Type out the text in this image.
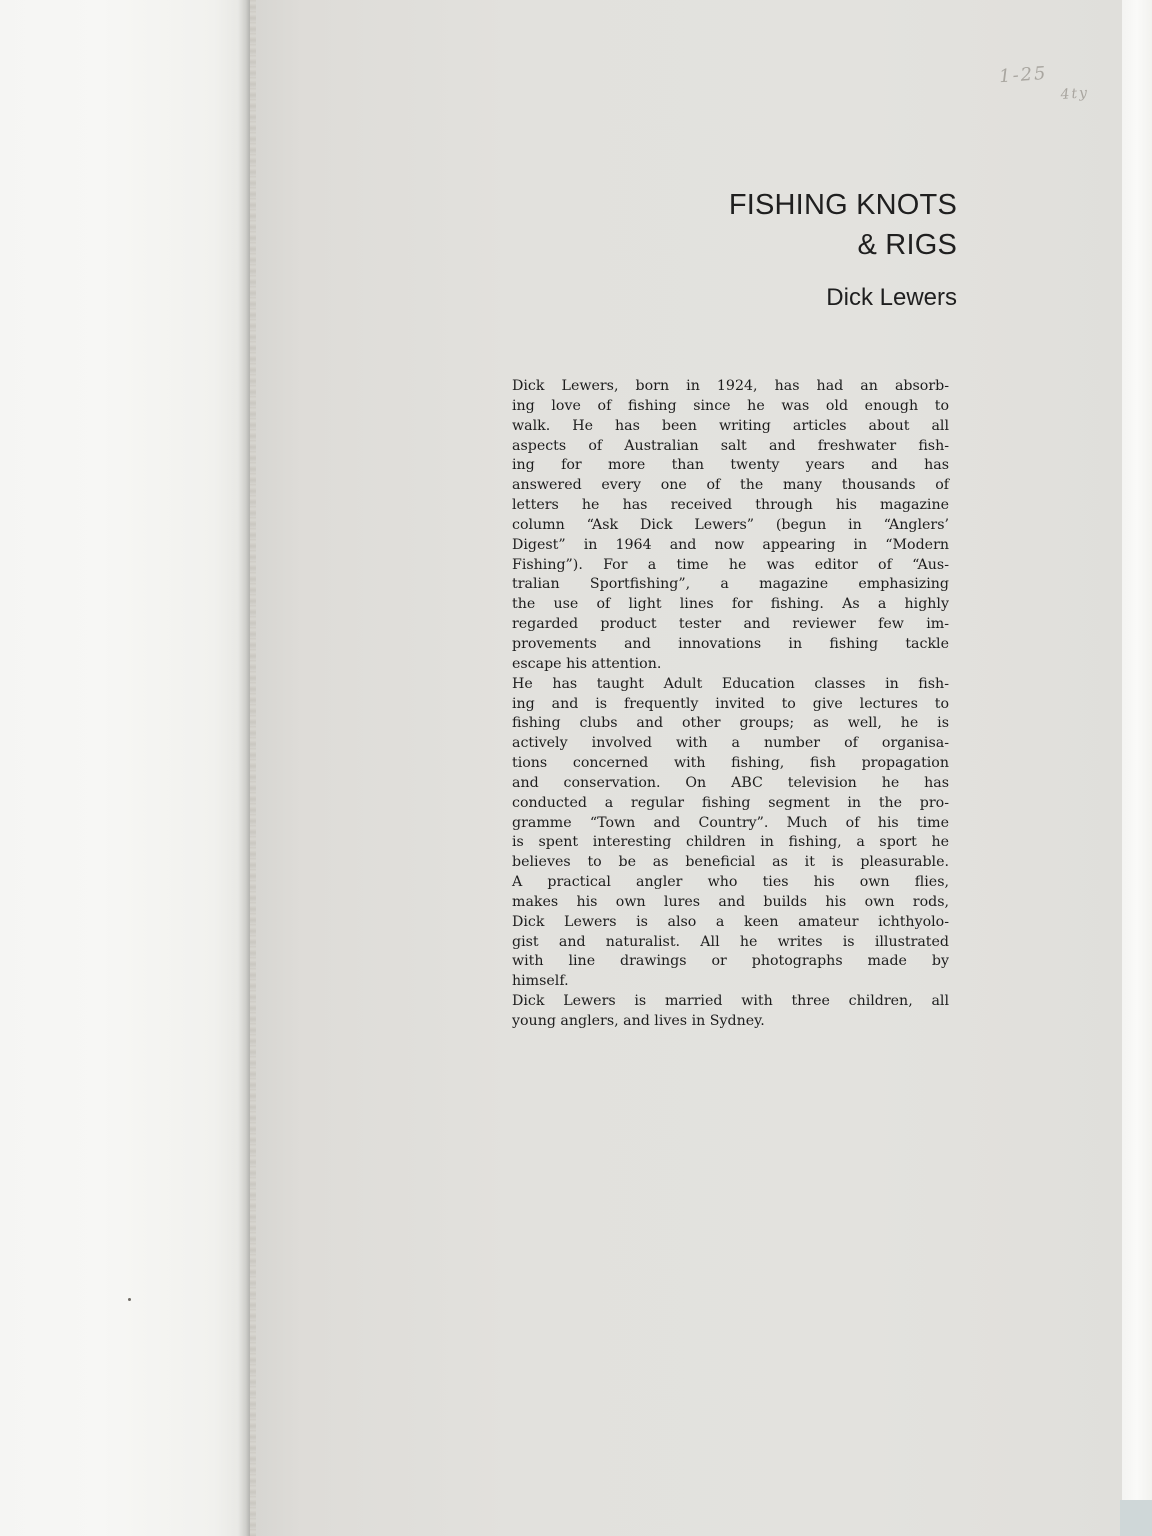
1-25
4ty
FISHING KNOTS
& RIGS
Dick Lewers
Dick Lewers, born in 1924, has had an absorb-
ing love of fishing since he was old enough to
walk. He has been writing articles about all
aspects of Australian salt and freshwater fish-
ing for more than twenty years and has
answered every one of the many thousands of
letters he has received through his magazine
column “Ask Dick Lewers” (begun in “Anglers’
Digest” in 1964 and now appearing in “Modern
Fishing”). For a time he was editor of “Aus-
tralian Sportfishing”, a magazine emphasizing
the use of light lines for fishing. As a highly
regarded product tester and reviewer few im-
provements and innovations in fishing tackle
escape his attention.
He has taught Adult Education classes in fish-
ing and is frequently invited to give lectures to
fishing clubs and other groups; as well, he is
actively involved with a number of organisa-
tions concerned with fishing, fish propagation
and conservation. On ABC television he has
conducted a regular fishing segment in the pro-
gramme “Town and Country”. Much of his time
is spent interesting children in fishing, a sport he
believes to be as beneficial as it is pleasurable.
A practical angler who ties his own flies,
makes his own lures and builds his own rods,
Dick Lewers is also a keen amateur ichthyolo-
gist and naturalist. All he writes is illustrated
with line drawings or photographs made by
himself.
Dick Lewers is married with three children, all
young anglers, and lives in Sydney.
